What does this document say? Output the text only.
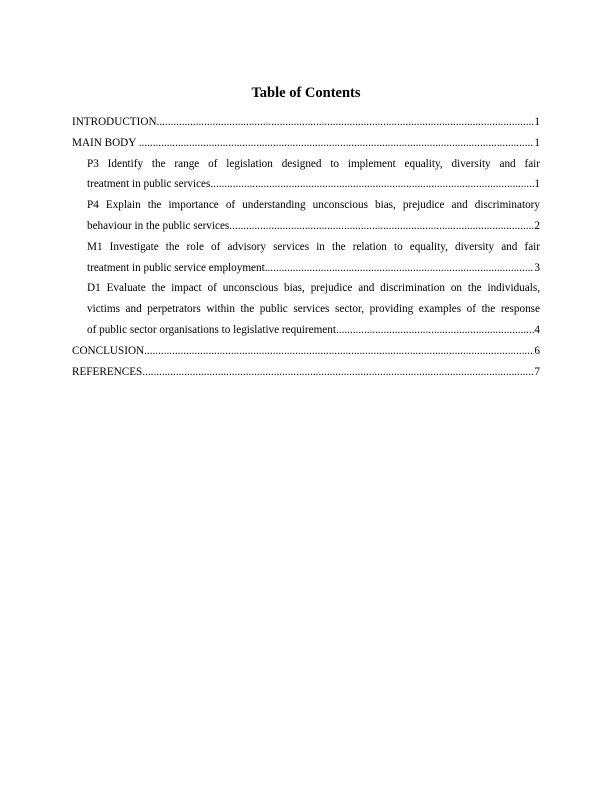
Table of Contents
INTRODUCTION .....	1
MAIN BODY .....	1
P3 Identify the range of legislation designed to implement equality, diversity and fair
treatment in public services. .....	1
P4 Explain the importance of understanding unconscious bias, prejudice and discriminatory
behaviour in the public services .....	2
M1 Investigate the role of advisory services in the relation to equality, diversity and fair
treatment in public service employment. .....	3
D1 Evaluate the impact of unconscious bias, prejudice and discrimination on the individuals,
victims and perpetrators within the public services sector, providing examples of the response
of public sector organisations to legislative requirement. .....	4
CONCLUSION .....	6
REFERENCES .....	7
